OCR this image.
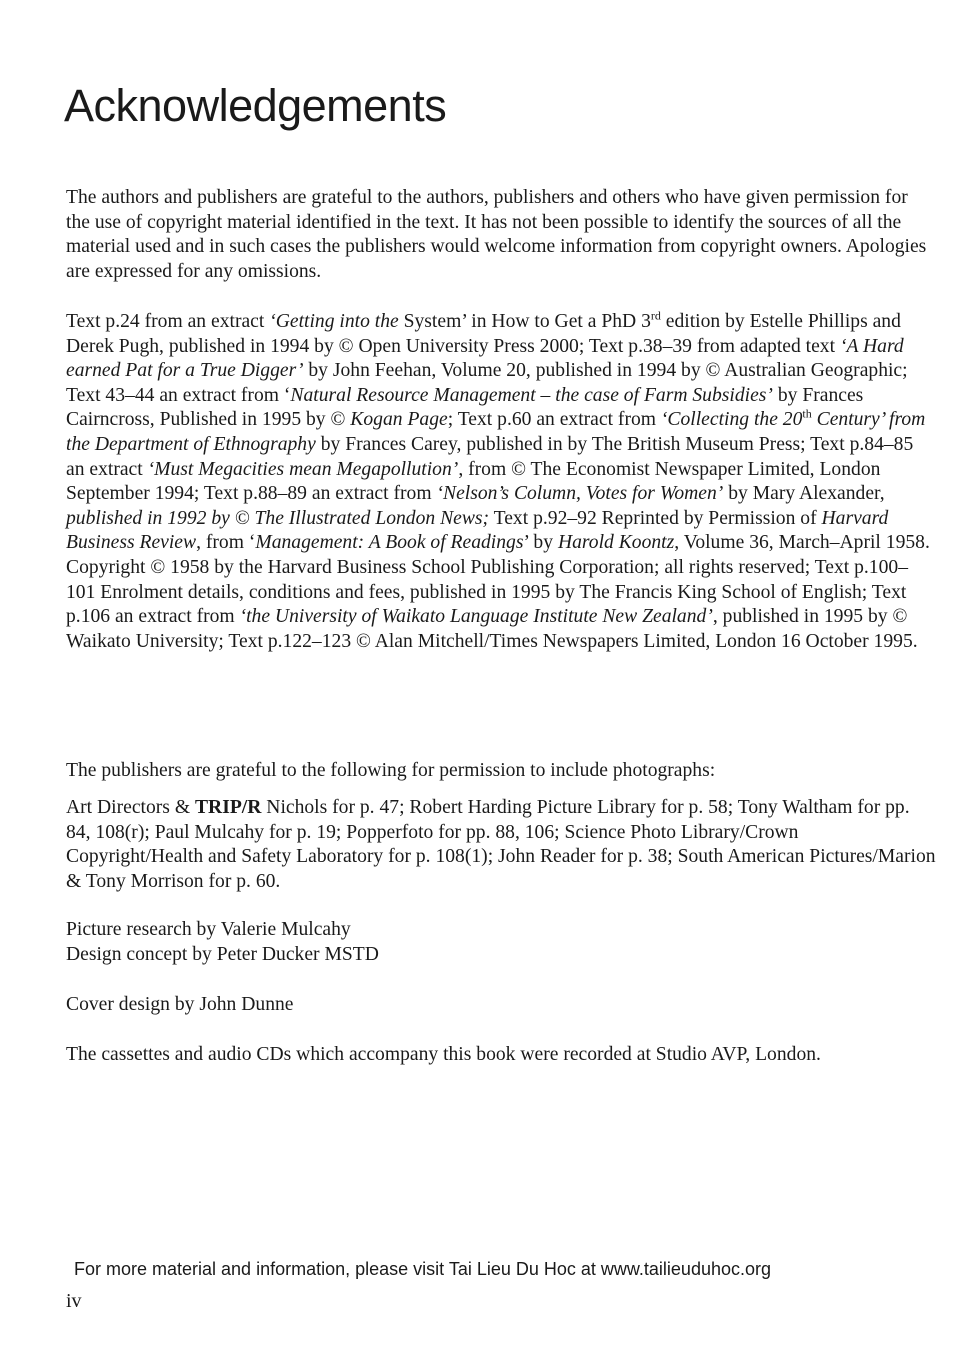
Acknowledgements

The authors and publishers are grateful to the authors, publishers and others who have given permission for the use of copyright material identified in the text. It has not been possible to identify the sources of all the material used and in such cases the publishers would welcome information from copyright owners. Apologies are expressed for any omissions.

Text p.24 from an extract ‘Getting into the System’ in How to Get a PhD 3rd edition by Estelle Phillips and Derek Pugh, published in 1994 by © Open University Press 2000; Text p.38–39 from adapted text ‘A Hard earned Pat for a True Digger’ by John Feehan, Volume 20, published in 1994 by © Australian Geographic; Text 43–44 an extract from ‘Natural Resource Management – the case of Farm Subsidies’ by Frances Cairncross, Published in 1995 by © Kogan Page; Text p.60 an extract from ‘Collecting the 20th Century’ from the Department of Ethnography by Frances Carey, published in by The British Museum Press; Text p.84–85 an extract ‘Must Megacities mean Megapollution’, from © The Economist Newspaper Limited, London September 1994; Text p.88–89 an extract from ‘Nelson’s Column, Votes for Women’ by Mary Alexander, published in 1992 by © The Illustrated London News; Text p.92–92 Reprinted by Permission of Harvard Business Review, from ‘Management: A Book of Readings’ by Harold Koontz, Volume 36, March–April 1958. Copyright © 1958 by the Harvard Business School Publishing Corporation; all rights reserved; Text p.100–101 Enrolment details, conditions and fees, published in 1995 by The Francis King School of English; Text p.106 an extract from ‘the University of Waikato Language Institute New Zealand’, published in 1995 by © Waikato University; Text p.122–123 © Alan Mitchell/Times Newspapers Limited, London 16 October 1995.

The publishers are grateful to the following for permission to include photographs:

Art Directors & TRIP/R Nichols for p. 47; Robert Harding Picture Library for p. 58; Tony Waltham for pp. 84, 108(r); Paul Mulcahy for p. 19; Popperfoto for pp. 88, 106; Science Photo Library/Crown Copyright/Health and Safety Laboratory for p. 108(1); John Reader for p. 38; South American Pictures/Marion & Tony Morrison for p. 60.

Picture research by Valerie Mulcahy
Design concept by Peter Ducker MSTD

Cover design by John Dunne

The cassettes and audio CDs which accompany this book were recorded at Studio AVP, London.

For more material and information, please visit Tai Lieu Du Hoc at www.tailieuduhoc.org

iv
